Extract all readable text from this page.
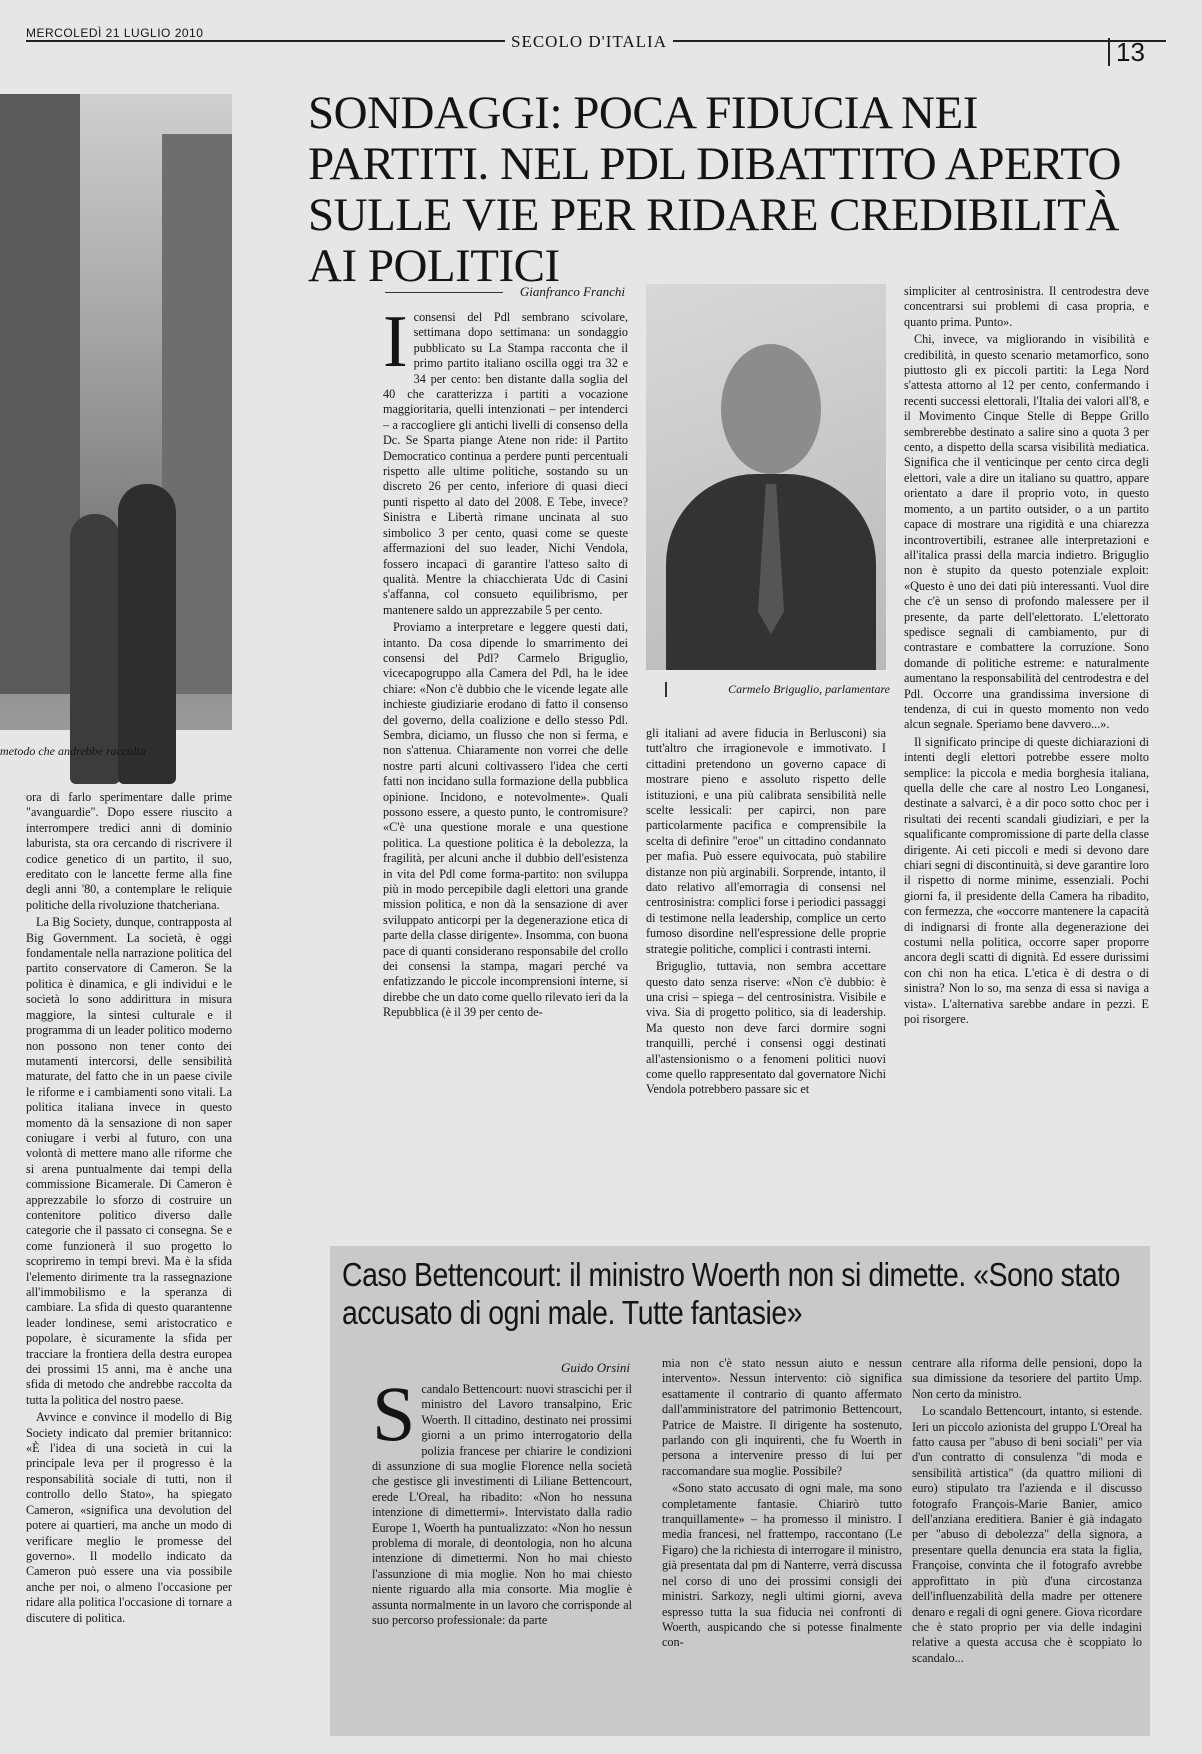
MERCOLEDÌ 21 LUGLIO 2010	SECOLO D'ITALIA	13
metodo che andrebbe raccolta

ora di farlo sperimentare dalle prime "avanguardie". Dopo essere riuscito a interrompere tredici anni di dominio laburista, sta ora cercando di riscrivere il codice genetico di un partito, il suo, ereditato con le lancette ferme alla fine degli anni '80, a contemplare le reliquie politiche della rivoluzione thatcheriana.

La Big Society, dunque, contrapposta al Big Government. La società, è oggi fondamentale nella narrazione politica del partito conservatore di Cameron. Se la politica è dinamica, e gli individui e le società lo sono addirittura in misura maggiore, la sintesi culturale e il programma di un leader politico moderno non possono non tener conto dei mutamenti intercorsi, delle sensibilità maturate, del fatto che in un paese civile le riforme e i cambiamenti sono vitali. La politica italiana invece in questo momento dà la sensazione di non saper coniugare i verbi al futuro, con una volontà di mettere mano alle riforme che si arena puntualmente dai tempi della commissione Bicamerale. Di Cameron è apprezzabile lo sforzo di costruire un contenitore politico diverso dalle categorie che il passato ci consegna. Se e come funzionerà il suo progetto lo scopriremo in tempi brevi. Ma è la sfida l'elemento dirimente tra la rassegnazione all'immobilismo e la speranza di cambiare. La sfida di questo quarantenne leader londinese, semi aristocratico e popolare, è sicuramente la sfida per tracciare la frontiera della destra europea dei prossimi 15 anni, ma è anche una sfida di metodo che andrebbe raccolta da tutta la politica del nostro paese.

Avvince e convince il modello di Big Society indicato dal premier britannico: «È l'idea di una società in cui la principale leva per il progresso è la responsabilità sociale di tutti, non il controllo dello Stato», ha spiegato Cameron, «significa una devolution del potere ai quartieri, ma anche un modo di verificare meglio le promesse del governo». Il modello indicato da Cameron può essere una via possibile anche per noi, o almeno l'occasione per ridare alla politica l'occasione di tornare a discutere di politica.

SONDAGGI: POCA FIDUCIA NEI PARTITI. NEL PDL DIBATTITO APERTO SULLE VIE PER RIDARE CREDIBILITÀ AI POLITICI
Gianfranco Franchi

Iconsensi del Pdl sembrano scivolare, settimana dopo settimana: un sondaggio pubblicato su La Stampa racconta che il primo partito italiano oscilla oggi tra 32 e 34 per cento: ben distante dalla soglia del 40 che caratterizza i partiti a vocazione maggioritaria, quelli intenzionati – per intenderci – a raccogliere gli antichi livelli di consenso della Dc. Se Sparta piange Atene non ride: il Partito Democratico continua a perdere punti percentuali rispetto alle ultime politiche, sostando su un discreto 26 per cento, inferiore di quasi dieci punti rispetto al dato del 2008. E Tebe, invece? Sinistra e Libertà rimane uncinata al suo simbolico 3 per cento, quasi come se queste affermazioni del suo leader, Nichi Vendola, fossero incapaci di garantire l'atteso salto di qualità. Mentre la chiacchierata Udc di Casini s'affanna, col consueto equilibrismo, per mantenere saldo un apprezzabile 5 per cento.

Proviamo a interpretare e leggere questi dati, intanto. Da cosa dipende lo smarrimento dei consensi del Pdl? Carmelo Briguglio, vicecapogruppo alla Camera del Pdl, ha le idee chiare: «Non c'è dubbio che le vicende legate alle inchieste giudiziarie erodano di fatto il consenso del governo, della coalizione e dello stesso Pdl. Sembra, diciamo, un flusso che non si ferma, e non s'attenua. Chiaramente non vorrei che delle nostre parti alcuni coltivassero l'idea che certi fatti non incidano sulla formazione della pubblica opinione. Incidono, e notevolmente». Quali possono essere, a questo punto, le contromisure? «C'è una questione morale e una questione politica. La questione politica è la debolezza, la fragilità, per alcuni anche il dubbio dell'esistenza in vita del Pdl come forma-partito: non sviluppa più in modo percepibile dagli elettori una grande mission politica, e non dà la sensazione di aver sviluppato anticorpi per la degenerazione etica di parte della classe dirigente». Insomma, con buona pace di quanti considerano responsabile del crollo dei consensi la stampa, magari perché va enfatizzando le piccole incomprensioni interne, si direbbe che un dato come quello rilevato ieri da la Repubblica (è il 39 per cento de-

Carmelo Briguglio, parlamentare

gli italiani ad avere fiducia in Berlusconi) sia tutt'altro che irragionevole e immotivato. I cittadini pretendono un governo capace di mostrare pieno e assoluto rispetto delle istituzioni, e una più calibrata sensibilità nelle scelte lessicali: per capirci, non pare particolarmente pacifica e comprensibile la scelta di definire "eroe" un cittadino condannato per mafia. Può essere equivocata, può stabilire distanze non più arginabili. Sorprende, intanto, il dato relativo all'emorragia di consensi nel centrosinistra: complici forse i periodici passaggi di testimone nella leadership, complice un certo fumoso disordine nell'espressione delle proprie strategie politiche, complici i contrasti interni.

Briguglio, tuttavia, non sembra accettare questo dato senza riserve: «Non c'è dubbio: è una crisi – spiega – del centrosinistra. Visibile e viva. Sia di progetto politico, sia di leadership. Ma questo non deve farci dormire sogni tranquilli, perché i consensi oggi destinati all'astensionismo o a fenomeni politici nuovi come quello rappresentato dal governatore Nichi Vendola potrebbero passare sic et

simpliciter al centrosinistra. Il centrodestra deve concentrarsi sui problemi di casa propria, e quanto prima. Punto».

Chi, invece, va migliorando in visibilità e credibilità, in questo scenario metamorfico, sono piuttosto gli ex piccoli partiti: la Lega Nord s'attesta attorno al 12 per cento, confermando i recenti successi elettorali, l'Italia dei valori all'8, e il Movimento Cinque Stelle di Beppe Grillo sembrerebbe destinato a salire sino a quota 3 per cento, a dispetto della scarsa visibilità mediatica. Significa che il venticinque per cento circa degli elettori, vale a dire un italiano su quattro, appare orientato a dare il proprio voto, in questo momento, a un partito outsider, o a un partito capace di mostrare una rigidità e una chiarezza incontrovertibili, estranee alle interpretazioni e all'italica prassi della marcia indietro. Briguglio non è stupito da questo potenziale exploit: «Questo è uno dei dati più interessanti. Vuol dire che c'è un senso di profondo malessere per il presente, da parte dell'elettorato. L'elettorato spedisce segnali di cambiamento, pur di contrastare e combattere la corruzione. Sono domande di politiche estreme: e naturalmente aumentano la responsabilità del centrodestra e del Pdl. Occorre una grandissima inversione di tendenza, di cui in questo momento non vedo alcun segnale. Speriamo bene davvero...».

Il significato principe di queste dichiarazioni di intenti degli elettori potrebbe essere molto semplice: la piccola e media borghesia italiana, quella delle che care al nostro Leo Longanesi, destinate a salvarci, è a dir poco sotto choc per i risultati dei recenti scandali giudiziari, e per la squalificante compromissione di parte della classe dirigente. Ai ceti piccoli e medi si devono dare chiari segni di discontinuità, si deve garantire loro il rispetto di norme minime, essenziali. Pochi giorni fa, il presidente della Camera ha ribadito, con fermezza, che «occorre mantenere la capacità di indignarsi di fronte alla degenerazione dei costumi nella politica, occorre saper proporre ancora degli scatti di dignità. Ed essere durissimi con chi non ha etica. L'etica è di destra o di sinistra? Non lo so, ma senza di essa si naviga a vista». L'alternativa sarebbe andare in pezzi. E poi risorgere.

Caso Bettencourt: il ministro Woerth non si dimette. «Sono stato accusato di ogni male. Tutte fantasie»
Guido Orsini

Scandalo Bettencourt: nuovi strascichi per il ministro del Lavoro transalpino, Eric Woerth. Il cittadino, destinato nei prossimi giorni a un primo interrogatorio della polizia francese per chiarire le condizioni di assunzione di sua moglie Florence nella società che gestisce gli investimenti di Liliane Bettencourt, erede L'Oreal, ha ribadito: «Non ho nessuna intenzione di dimettermi». Intervistato dalla radio Europe 1, Woerth ha puntualizzato: «Non ho nessun problema di morale, di deontologia, non ho alcuna intenzione di dimettermi. Non ho mai chiesto l'assunzione di mia moglie. Non ho mai chiesto niente riguardo alla mia consorte. Mia moglie è assunta normalmente in un lavoro che corrisponde al suo percorso professionale: da parte

mia non c'è stato nessun aiuto e nessun intervento». Nessun intervento: ciò significa esattamente il contrario di quanto affermato dall'amministratore del patrimonio Bettencourt, Patrice de Maistre. Il dirigente ha sostenuto, parlando con gli inquirenti, che fu Woerth in persona a intervenire presso di lui per raccomandare sua moglie. Possibile?

«Sono stato accusato di ogni male, ma sono completamente fantasie. Chiarirò tutto tranquillamente» – ha promesso il ministro. I media francesi, nel frattempo, raccontano (Le Figaro) che la richiesta di interrogare il ministro, già presentata dal pm di Nanterre, verrà discussa nel corso di uno dei prossimi consigli dei ministri. Sarkozy, negli ultimi giorni, aveva espresso tutta la sua fiducia nei confronti di Woerth, auspicando che si potesse finalmente con-

centrare alla riforma delle pensioni, dopo la sua dimissione da tesoriere del partito Ump. Non certo da ministro.

Lo scandalo Bettencourt, intanto, si estende. Ieri un piccolo azionista del gruppo L'Oreal ha fatto causa per "abuso di beni sociali" per via d'un contratto di consulenza "di moda e sensibilità artistica" (da quattro milioni di euro) stipulato tra l'azienda e il discusso fotografo François-Marie Banier, amico dell'anziana ereditiera. Banier è già indagato per "abuso di debolezza" della signora, a presentare quella denuncia era stata la figlia, Françoise, convinta che il fotografo avrebbe approfittato in più d'una circostanza dell'influenzabilità della madre per ottenere denaro e regali di ogni genere. Giova ricordare che è stato proprio per via delle indagini relative a questa accusa che è scoppiato lo scandalo...
